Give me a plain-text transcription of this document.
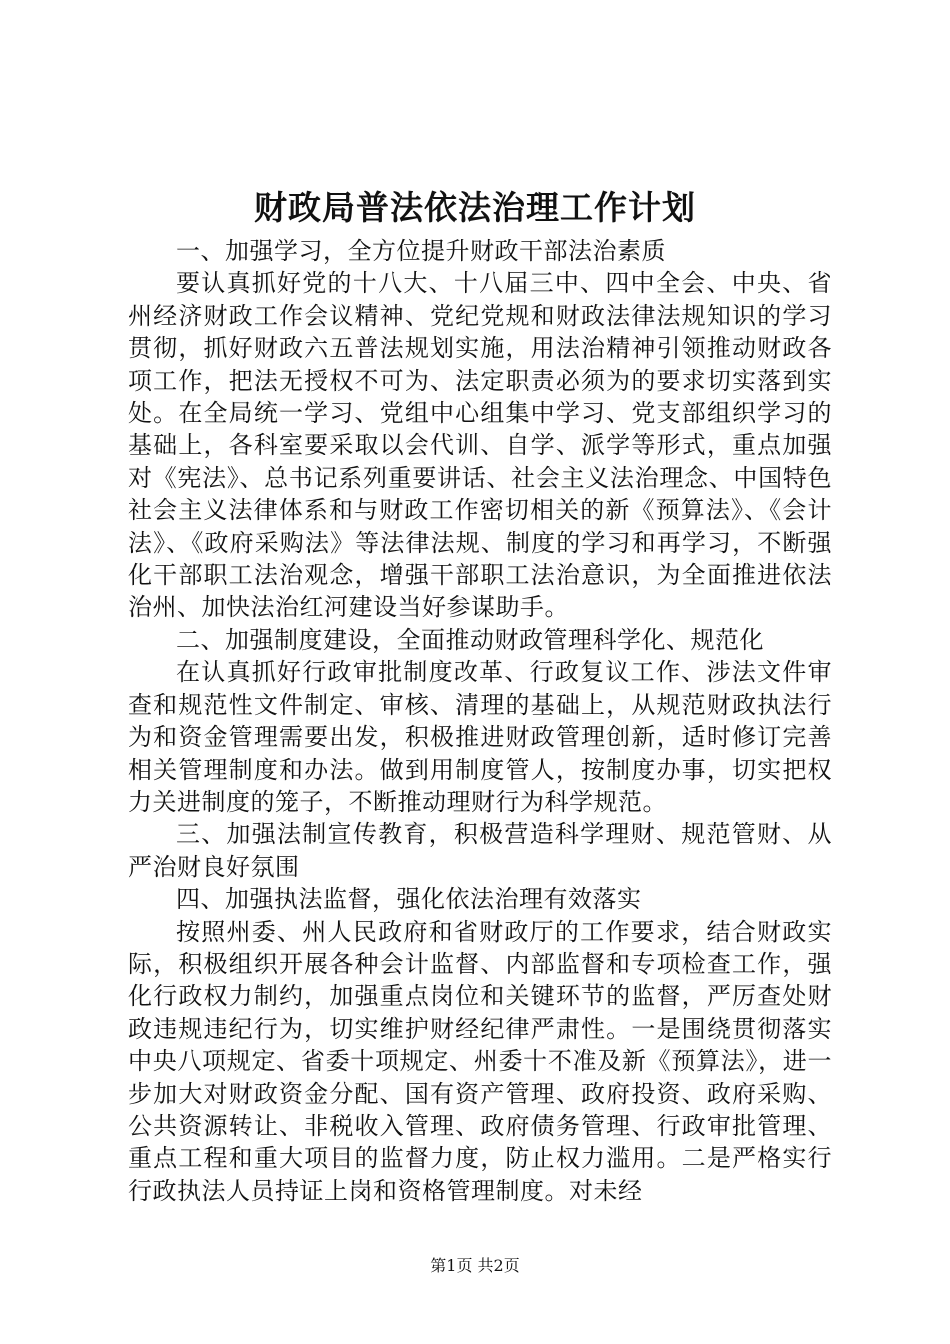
财政局普法依法治理工作计划

一、加强学习，全方位提升财政干部法治素质

要认真抓好党的十八大、十八届三中、四中全会、中央、省州经济财政工作会议精神、党纪党规和财政法律法规知识的学习贯彻，抓好财政六五普法规划实施，用法治精神引领推动财政各项工作，把法无授权不可为、法定职责必须为的要求切实落到实处。在全局统一学习、党组中心组集中学习、党支部组织学习的基础上，各科室要采取以会代训、自学、派学等形式，重点加强对《宪法》、总书记系列重要讲话、社会主义法治理念、中国特色社会主义法律体系和与财政工作密切相关的新《预算法》、《会计法》、《政府采购法》等法律法规、制度的学习和再学习，不断强化干部职工法治观念，增强干部职工法治意识，为全面推进依法治州、加快法治红河建设当好参谋助手。

二、加强制度建设，全面推动财政管理科学化、规范化

在认真抓好行政审批制度改革、行政复议工作、涉法文件审查和规范性文件制定、审核、清理的基础上，从规范财政执法行为和资金管理需要出发，积极推进财政管理创新，适时修订完善相关管理制度和办法。做到用制度管人，按制度办事，切实把权力关进制度的笼子，不断推动理财行为科学规范。

三、加强法制宣传教育，积极营造科学理财、规范管财、从严治财良好氛围

四、加强执法监督，强化依法治理有效落实

按照州委、州人民政府和省财政厅的工作要求，结合财政实际，积极组织开展各种会计监督、内部监督和专项检查工作，强化行政权力制约，加强重点岗位和关键环节的监督，严厉查处财政违规违纪行为，切实维护财经纪律严肃性。一是围绕贯彻落实中央八项规定、省委十项规定、州委十不准及新《预算法》，进一步加大对财政资金分配、国有资产管理、政府投资、政府采购、公共资源转让、非税收入管理、政府债务管理、行政审批管理、重点工程和重大项目的监督力度，防止权力滥用。二是严格实行行政执法人员持证上岗和资格管理制度。对未经

第1页 共2页
